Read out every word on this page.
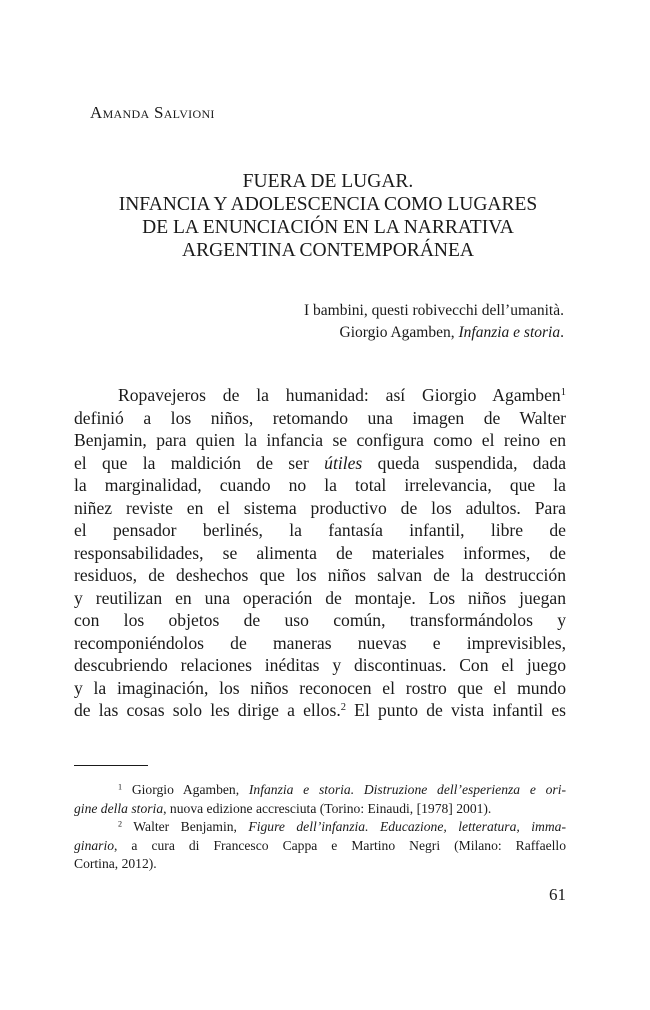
Amanda Salvioni
FUERA DE LUGAR.
INFANCIA Y ADOLESCENCIA COMO LUGARES
DE LA ENUNCIACIÓN EN LA NARRATIVA
ARGENTINA CONTEMPORÁNEA
I bambini, questi robivecchi dell’umanità.
Giorgio Agamben, Infanzia e storia.
Ropavejeros de la humanidad: así Giorgio Agamben$^1$
definió a los niños, retomando una imagen de Walter
Benjamin, para quien la infancia se configura como el reino en
el que la maldición de ser útiles queda suspendida, dada
la marginalidad, cuando no la total irrelevancia, que la
niñez reviste en el sistema productivo de los adultos. Para
el pensador berlinés, la fantasía infantil, libre de
responsabilidades, se alimenta de materiales informes, de
residuos, de deshechos que los niños salvan de la destrucción
y reutilizan en una operación de montaje. Los niños juegan
con los objetos de uso común, transformándolos y
recomponiéndolos de maneras nuevas e imprevisibles,
descubriendo relaciones inéditas y discontinuas. Con el juego
y la imaginación, los niños reconocen el rostro que el mundo
de las cosas solo les dirige a ellos.$^2$ El punto de vista infantil es
$^1$ Giorgio Agamben, Infanzia e storia. Distruzione dell’esperienza e ori-
gine della storia, nuova edizione accresciuta (Torino: Einaudi, [1978] 2001).
$^2$ Walter Benjamin, Figure dell’infanzia. Educazione, letteratura, imma-
ginario, a cura di Francesco Cappa e Martino Negri (Milano: Raffaello
Cortina, 2012).
61
